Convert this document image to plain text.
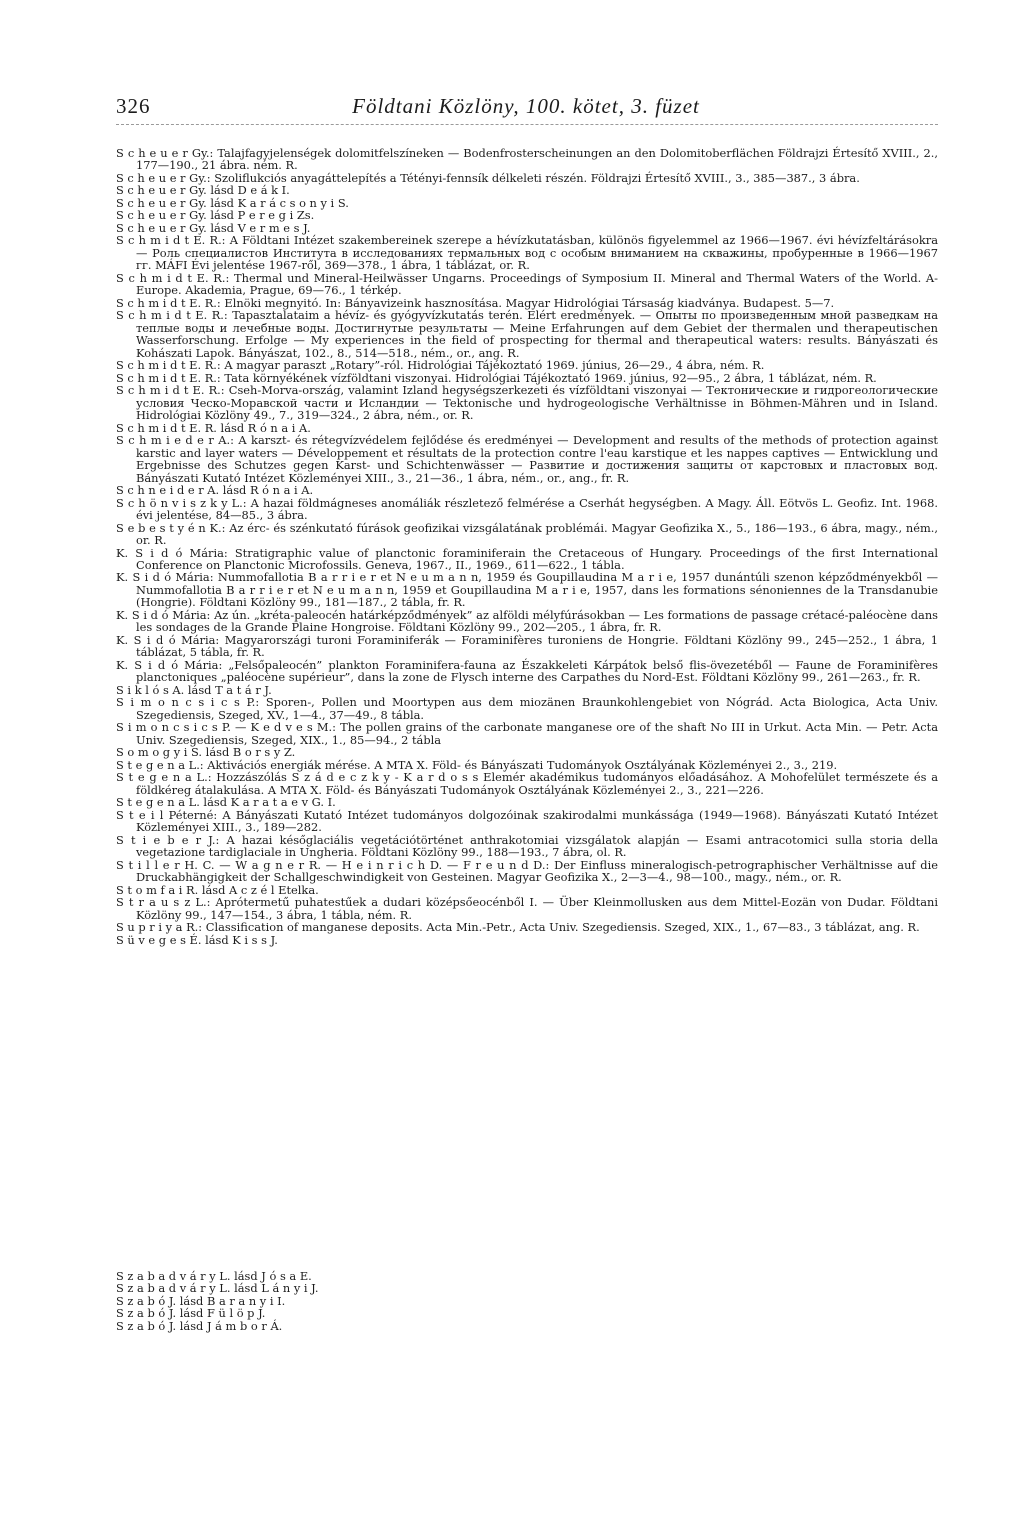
326	Földtani Közlöny, 100. kötet, 3. füzet

S c h e u e r Gy.: Talajfagyjelenségek dolomitfelszíneken — Bodenfrosterscheinungen an den Dolomitoberflächen Földrajzi Értesítő XVIII., 2., 177—190., 21 ábra. ném. R.

S c h e u e r Gy.: Szoliflukciós anyagáttelepítés a Tétényi-fennsík délkeleti részén. Földrajzi Értesítő XVIII., 3., 385—387., 3 ábra.

S c h e u e r Gy. lásd D e á k I.

S c h e u e r Gy. lásd K a r á c s o n y i S.

S c h e u e r Gy. lásd P e r e g i Zs.

S c h e u e r Gy. lásd V e r m e s J.

S c h m i d t E. R.: A Földtani Intézet szakembereinek szerepe a hévízkutatásban, különös figyelemmel az 1966—1967. évi hévízfeltárásokra — Роль специалистов Института в исследованиях термальных вод с особым вниманием на скважины, пробуренные в 1966—1967 гг. MÁFI Évi jelentése 1967-ről, 369—378., 1 ábra, 1 táblázat, or. R.

S c h m i d t E. R.: Thermal und Mineral-Heilwässer Ungarns. Proceedings of Symposium II. Mineral and Thermal Waters of the World. A-Europe. Akademia, Prague, 69—76., 1 térkép.

S c h m i d t E. R.: Elnöki megnyitó. In: Bányavizeink hasznosítása. Magyar Hidrológiai Társaság kiadványa. Budapest. 5—7.

S c h m i d t E. R.: Tapasztalataim a hévíz- és gyógyvízkutatás terén. Elért eredmények. — Опыты по произведенным мной разведкам на теплые воды и лечебные воды. Достигнутые результаты — Meine Erfahrungen auf dem Gebiet der thermalen und therapeutischen Wasserforschung. Erfolge — My experiences in the field of prospecting for thermal and therapeutical waters: results. Bányászati és Kohászati Lapok. Bányászat, 102., 8., 514—518., ném., or., ang. R.

S c h m i d t E. R.: A magyar paraszt „Rotary”-ról. Hidrológiai Tájékoztató 1969. június, 26—29., 4 ábra, ném. R.

S c h m i d t E. R.: Tata környékének vízföldtani viszonyai. Hidrológiai Tájékoztató 1969. június, 92—95., 2 ábra, 1 táblázat, ném. R.

S c h m i d t E. R.: Cseh-Morva-ország, valamint Izland hegységszerkezeti és vízföldtani viszonyai — Тектонические и гидрогеологические условия Ческо-Моравской части и Исландии — Tektonische und hydrogeologische Verhältnisse in Böhmen-Mähren und in Island. Hidrológiai Közlöny 49., 7., 319—324., 2 ábra, ném., or. R.

S c h m i d t E. R. lásd R ó n a i A.

S c h m i e d e r A.: A karszt- és rétegvízvédelem fejlődése és eredményei — Development and results of the methods of protection against karstic and layer waters — Développement et résultats de la protection contre l'eau karstique et les nappes captives — Entwicklung und Ergebnisse des Schutzes gegen Karst- und Schichtenwässer — Развитие и достижения защиты от карстовых и пластовых вод. Bányászati Kutató Intézet Közleményei XIII., 3., 21—36., 1 ábra, ném., or., ang., fr. R.

S c h n e i d e r A. lásd R ó n a i A.

S c h ö n v i s z k y L.: A hazai földmágneses anomáliák részletező felmérése a Cserhát hegységben. A Magy. Áll. Eötvös L. Geofiz. Int. 1968. évi jelentése, 84—85., 3 ábra.

S e b e s t y é n K.: Az érc- és szénkutató fúrások geofizikai vizsgálatának problémái. Magyar Geofizika X., 5., 186—193., 6 ábra, magy., ném., or. R.

K. S i d ó Mária: Stratigraphic value of planctonic foraminiferain the Cretaceous of Hungary. Proceedings of the first International Conference on Planctonic Microfossils. Geneva, 1967., II., 1969., 611—622., 1 tábla.

K. S i d ó Mária: Nummofallotia B a r r i e r et N e u m a n n, 1959 és Goupillaudina M a r i e, 1957 dunántúli szenon képződményekből — Nummofallotia B a r r i e r et N e u m a n n, 1959 et Goupillaudina M a r i e, 1957, dans les formations sénoniennes de la Transdanubie (Hongrie). Földtani Közlöny 99., 181—187., 2 tábla, fr. R.

K. S i d ó Mária: Az ún. „kréta-paleocén határképződmények” az alföldi mélyfúrásokban — Les formations de passage crétacé-paléocène dans les sondages de la Grande Plaine Hongroise. Földtani Közlöny 99., 202—205., 1 ábra, fr. R.

K. S i d ó Mária: Magyarországi turoni Foraminiferák — Foraminifères turoniens de Hongrie. Földtani Közlöny 99., 245—252., 1 ábra, 1 táblázat, 5 tábla, fr. R.

K. S i d ó Mária: „Felsőpaleocén” plankton Foraminifera-fauna az Északkeleti Kárpátok belső flis-övezetéből — Faune de Foraminifères planctoniques „paléocène supérieur”, dans la zone de Flysch interne des Carpathes du Nord-Est. Földtani Közlöny 99., 261—263., fr. R.

S i k l ó s A. lásd T a t á r J.

S i m o n c s i c s P.: Sporen-, Pollen und Moortypen aus dem miozänen Braunkohlengebiet von Nógrád. Acta Biologica, Acta Univ. Szegediensis, Szeged, XV., 1—4., 37—49., 8 tábla.

S i m o n c s i c s P. — K e d v e s M.: The pollen grains of the carbonate manganese ore of the shaft No III in Urkut. Acta Min. — Petr. Acta Univ. Szegediensis, Szeged, XIX., 1., 85—94., 2 tábla

S o m o g y i S. lásd B o r s y Z.

S t e g e n a L.: Aktivációs energiák mérése. A MTA X. Föld- és Bányászati Tudományok Osztályának Közleményei 2., 3., 219.

S t e g e n a L.: Hozzászólás S z á d e c z k y - K a r d o s s Elemér akadémikus tudományos előadásához. A Mohofelület természete és a földkéreg átalakulása. A MTA X. Föld- és Bányászati Tudományok Osztályának Közleményei 2., 3., 221—226.

S t e g e n a L. lásd K a r a t a e v G. I.

S t e i l Péterné: A Bányászati Kutató Intézet tudományos dolgozóinak szakirodalmi munkássága (1949—1968). Bányászati Kutató Intézet Közleményei XIII., 3., 189—282.

S t i e b e r J.: A hazai későglaciális vegetációtörténet anthrakotomiai vizsgálatok alapján — Esami antracotomici sulla storia della vegetazione tardiglaciale in Ungheria. Földtani Közlöny 99., 188—193., 7 ábra, ol. R.

S t i l l e r H. C. — W a g n e r R. — H e i n r i c h D. — F r e u n d D.: Der Einfluss mineralogisch-petrographischer Verhältnisse auf die Druckabhängigkeit der Schallgeschwindigkeit von Gesteinen. Magyar Geofizika X., 2—3—4., 98—100., magy., ném., or. R.

S t o m f a i R. lásd A c z é l Etelka.

S t r a u s z L.: Aprótermetű puhatestűek a dudari középsőeocénből I. — Über Kleinmollusken aus dem Mittel-Eozän von Dudar. Földtani Közlöny 99., 147—154., 3 ábra, 1 tábla, ném. R.

S u p r i y a R.: Classification of manganese deposits. Acta Min.-Petr., Acta Univ. Szegediensis. Szeged, XIX., 1., 67—83., 3 táblázat, ang. R.

S ü v e g e s É. lásd K i s s J.

S z a b a d v á r y L. lásd J ó s a E.

S z a b a d v á r y L. lásd L á n y i J.

S z a b ó J. lásd B a r a n y i I.

S z a b ó J. lásd F ü l ö p J.

S z a b ó J. lásd J á m b o r Á.
